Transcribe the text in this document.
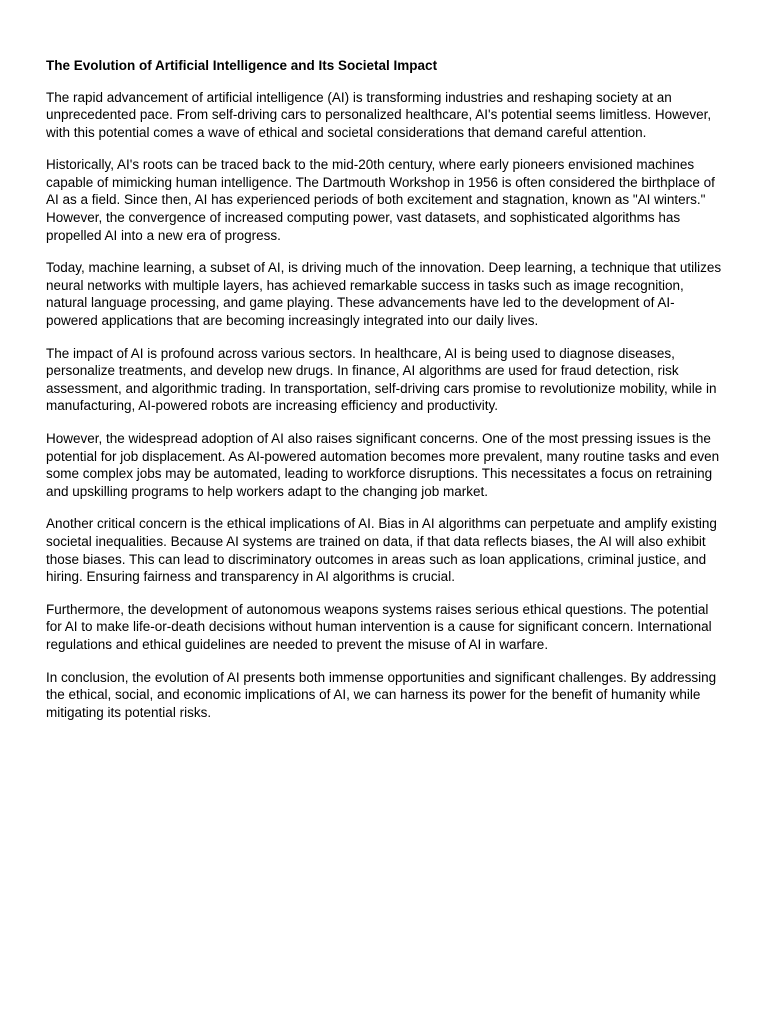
The Evolution of Artificial Intelligence and Its Societal Impact

The rapid advancement of artificial intelligence (AI) is transforming industries and reshaping society at an unprecedented pace. From self-driving cars to personalized healthcare, AI's potential seems limitless. However, with this potential comes a wave of ethical and societal considerations that demand careful attention.

Historically, AI's roots can be traced back to the mid-20th century, where early pioneers envisioned machines capable of mimicking human intelligence. The Dartmouth Workshop in 1956 is often considered the birthplace of AI as a field. Since then, AI has experienced periods of both excitement and stagnation, known as "AI winters." However, the convergence of increased computing power, vast datasets, and sophisticated algorithms has propelled AI into a new era of progress.

Today, machine learning, a subset of AI, is driving much of the innovation. Deep learning, a technique that utilizes neural networks with multiple layers, has achieved remarkable success in tasks such as image recognition, natural language processing, and game playing. These advancements have led to the development of AI-powered applications that are becoming increasingly integrated into our daily lives.

The impact of AI is profound across various sectors. In healthcare, AI is being used to diagnose diseases, personalize treatments, and develop new drugs. In finance, AI algorithms are used for fraud detection, risk assessment, and algorithmic trading. In transportation, self-driving cars promise to revolutionize mobility, while in manufacturing, AI-powered robots are increasing efficiency and productivity.

However, the widespread adoption of AI also raises significant concerns. One of the most pressing issues is the potential for job displacement. As AI-powered automation becomes more prevalent, many routine tasks and even some complex jobs may be automated, leading to workforce disruptions. This necessitates a focus on retraining and upskilling programs to help workers adapt to the changing job market.

Another critical concern is the ethical implications of AI. Bias in AI algorithms can perpetuate and amplify existing societal inequalities. Because AI systems are trained on data, if that data reflects biases, the AI will also exhibit those biases. This can lead to discriminatory outcomes in areas such as loan applications, criminal justice, and hiring. Ensuring fairness and transparency in AI algorithms is crucial.

Furthermore, the development of autonomous weapons systems raises serious ethical questions. The potential for AI to make life-or-death decisions without human intervention is a cause for significant concern. International regulations and ethical guidelines are needed to prevent the misuse of AI in warfare.

In conclusion, the evolution of AI presents both immense opportunities and significant challenges. By addressing the ethical, social, and economic implications of AI, we can harness its power for the benefit of humanity while mitigating its potential risks.
